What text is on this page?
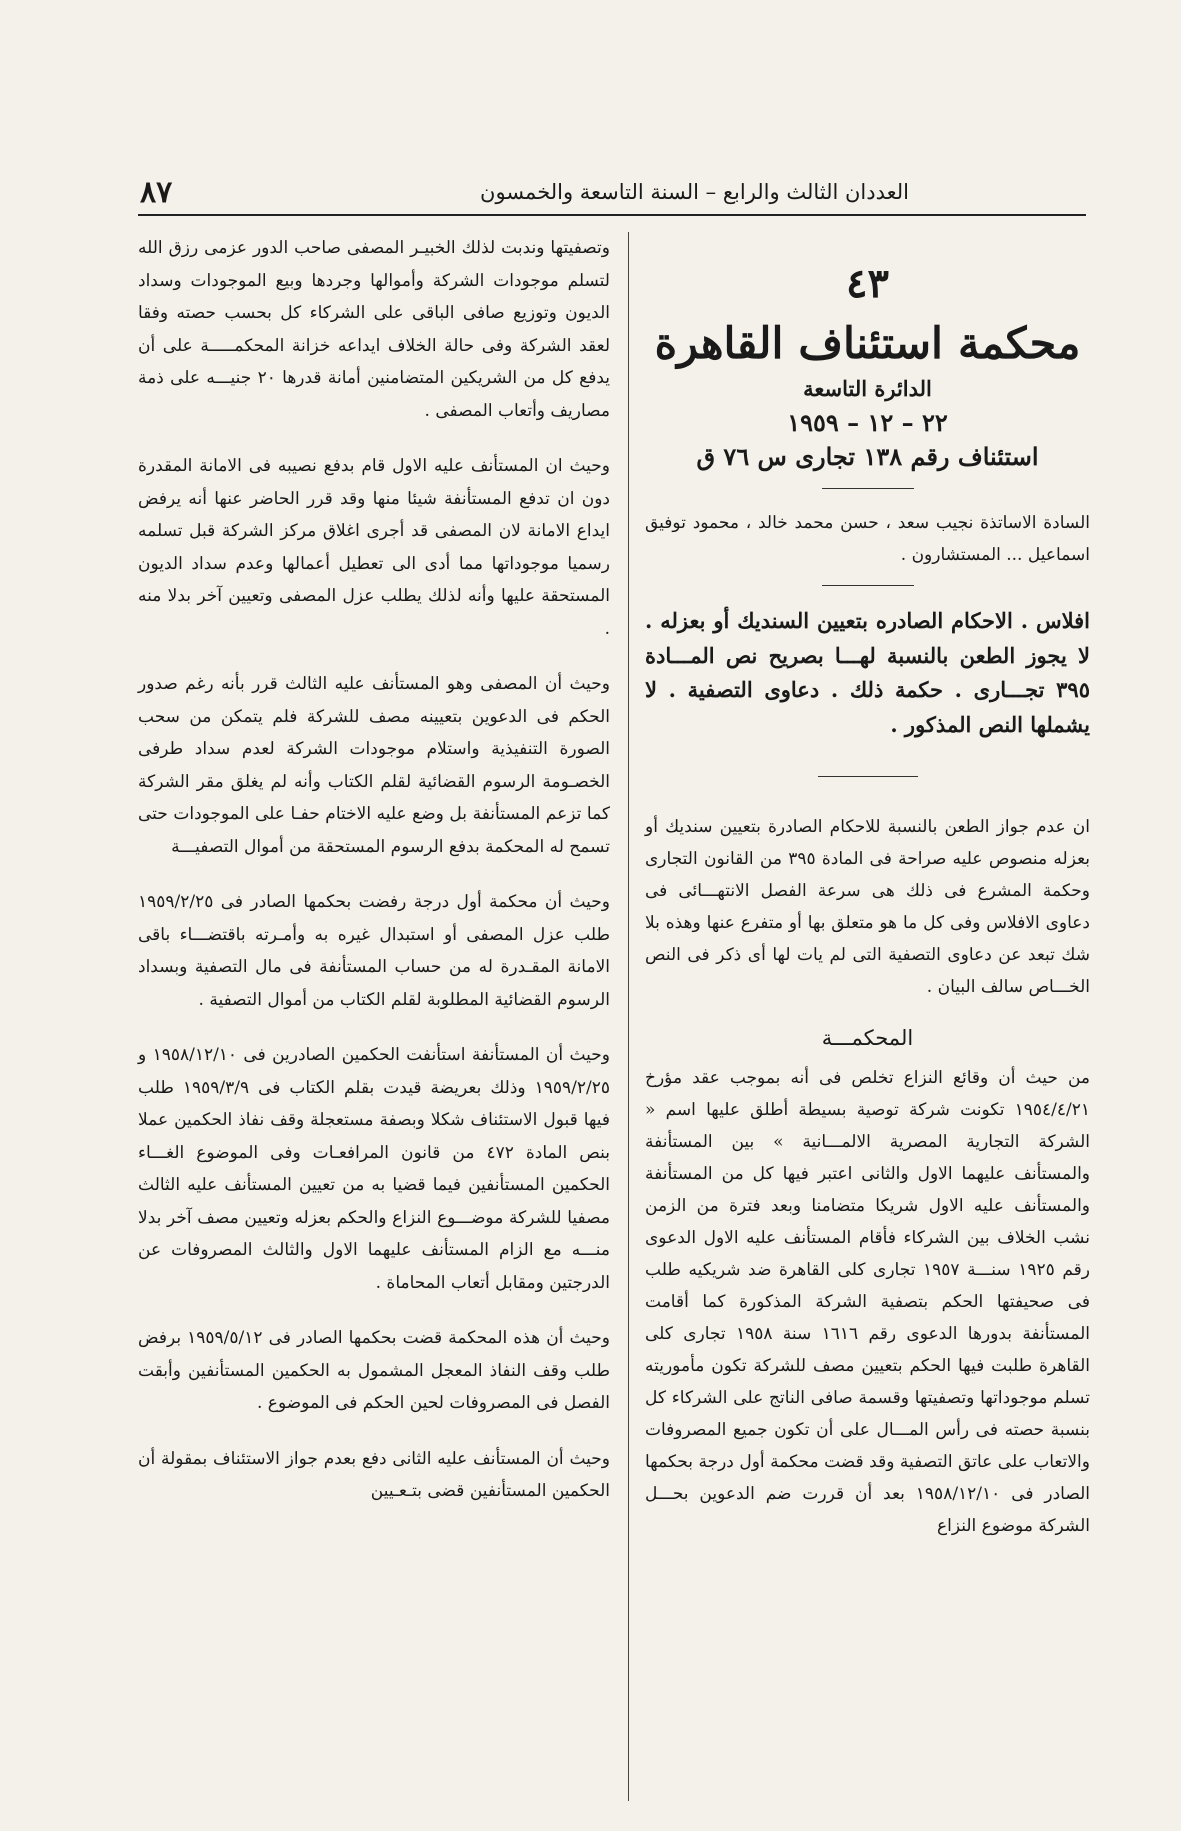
العددان الثالث والرابع – السنة التاسعة والخمسون
٨٧
٤٣
محكمة استئناف القاهرة
الدائرة التاسعة
٢٢ – ١٢ – ١٩٥٩
استئناف رقم ١٣٨ تجارى س ٧٦ ق

السادة الاساتذة نجيب سعد ، حسن محمد خالد ، محمود توفيق اسماعيل ... المستشارون .

افلاس . الاحكام الصادره بتعيين السنديك أو بعزله . لا يجوز الطعن بالنسبة لهـــا بصريح نص المـــادة ٣٩٥ تجـــارى . حكمة ذلك . دعاوى التصفية . لا يشملها النص المذكور .

ان عدم جواز الطعن بالنسبة للاحكام الصادرة بتعيين سنديك أو بعزله منصوص عليه صراحة فى المادة ٣٩٥ من القانون التجارى وحكمة المشرع فى ذلك هى سرعة الفصل الانتهـــائى فى دعاوى الافلاس وفى كل ما هو متعلق بها أو متفرع عنها وهذه بلا شك تبعد عن دعاوى التصفية التى لم يات لها أى ذكر فى النص الخـــاص سالف البيان .

المحكمـــة

من حيث أن وقائع النزاع تخلص فى أنه بموجب عقد مؤرخ ١٩٥٤/٤/٢١ تكونت شركة توصية بسيطة أطلق عليها اسم « الشركة التجارية المصرية الالمـــانية » بين المستأنفة والمستأنف عليهما الاول والثانى اعتبر فيها كل من المستأنفة والمستأنف عليه الاول شريكا متضامنا وبعد فترة من الزمن نشب الخلاف بين الشركاء فأقام المستأنف عليه الاول الدعوى رقم ١٩٢٥ سنـــة ١٩٥٧ تجارى كلى القاهرة ضد شريكيه طلب فى صحيفتها الحكم بتصفية الشركة المذكورة كما أقامت المستأنفة بدورها الدعوى رقم ١٦١٦ سنة ١٩٥٨ تجارى كلى القاهرة طلبت فيها الحكم بتعيين مصف للشركة تكون مأموريته تسلم موجوداتها وتصفيتها وقسمة صافى الناتج على الشركاء كل بنسبة حصته فى رأس المـــال على أن تكون جميع المصروفات والاتعاب على عاتق التصفية وقد قضت محكمة أول درجة بحكمها الصادر فى ١٩٥٨/١٢/١٠ بعد أن قررت ضم الدعوين بحـــل الشركة موضوع النزاع

وتصفيتها وندبت لذلك الخبيـر المصفى صاحب الدور عزمى رزق الله لتسلم موجودات الشركة وأموالها وجردها وبيع الموجودات وسداد الديون وتوزيع صافى الباقى على الشركاء كل بحسب حصته وفقا لعقد الشركة وفى حالة الخلاف ايداعه خزانة المحكمـــــة على أن يدفع كل من الشريكين المتضامنين أمانة قدرها ٢٠ جنيـــه على ذمة مصاريف وأتعاب المصفى .

وحيث ان المستأنف عليه الاول قام بدفع نصيبه فى الامانة المقدرة دون ان تدفع المستأنفة شيئا منها وقد قرر الحاضر عنها أنه يرفض ايداع الامانة لان المصفى قد أجرى اغلاق مركز الشركة قبل تسلمه رسميا موجوداتها مما أدى الى تعطيل أعمالها وعدم سداد الديون المستحقة عليها وأنه لذلك يطلب عزل المصفى وتعيين آخر بدلا منه .

وحيث أن المصفى وهو المستأنف عليه الثالث قرر بأنه رغم صدور الحكم فى الدعوين بتعيينه مصف للشركة فلم يتمكن من سحب الصورة التنفيذية واستلام موجودات الشركة لعدم سداد طرفى الخصـومة الرسوم القضائية لقلم الكتاب وأنه لم يغلق مقر الشركة كما تزعم المستأنفة بل وضع عليه الاختام حفـا على الموجودات حتى تسمح له المحكمة بدفع الرسوم المستحقة من أموال التصفيـــة

وحيث أن محكمة أول درجة رفضت بحكمها الصادر فى ١٩٥٩/٢/٢٥ طلب عزل المصفى أو استبدال غيره به وأمـرته باقتضـــاء باقى الامانة المقـدرة له من حساب المستأنفة فى مال التصفية وبسداد الرسوم القضائية المطلوبة لقلم الكتاب من أموال التصفية .

وحيث أن المستأنفة استأنفت الحكمين الصادرين فى ١٩٥٨/١٢/١٠ و ١٩٥٩/٢/٢٥ وذلك بعريضة قيدت بقلم الكتاب فى ١٩٥٩/٣/٩ طلب فيها قبول الاستئناف شكلا وبصفة مستعجلة وقف نفاذ الحكمين عملا بنص المادة ٤٧٢ من قانون المرافعـات وفى الموضوع الغـــاء الحكمين المستأنفين فيما قضيا به من تعيين المستأنف عليه الثالث مصفيا للشركة موضـــوع النزاع والحكم بعزله وتعيين مصف آخر بدلا منـــه مع الزام المستأنف عليهما الاول والثالث المصروفات عن الدرجتين ومقابل أتعاب المحاماة .

وحيث أن هذه المحكمة قضت بحكمها الصادر فى ١٩٥٩/٥/١٢ برفض طلب وقف النفاذ المعجل المشمول به الحكمين المستأنفين وأبقت الفصل فى المصروفات لحين الحكم فى الموضوع .

وحيث أن المستأنف عليه الثانى دفع بعدم جواز الاستئناف بمقولة أن الحكمين المستأنفين قضى بتـعـيين
